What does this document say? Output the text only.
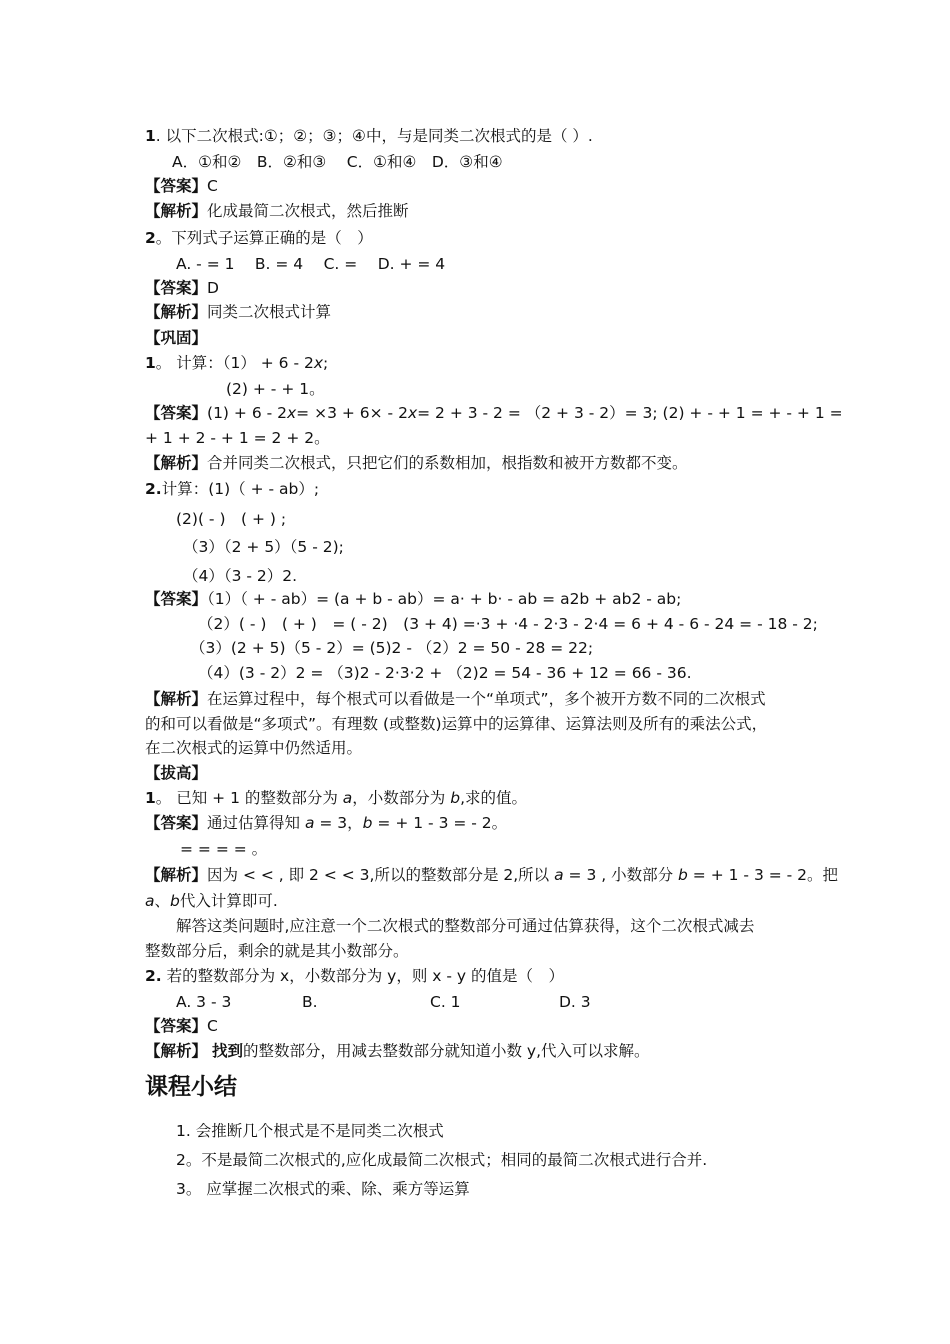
1. 以下二次根式:①；②；③；④中，与是同类二次根式的是（ ）.
A．①和②　B．②和③　 C．①和④　D．③和④
【答案】C
【解析】化成最简二次根式，然后推断
2。下列式子运算正确的是（　）
A. - = 1　 B. = 4　 C. =　 D. + = 4
【答案】D
【解析】同类二次根式计算
【巩固】
1。 计算：（1） + 6 - 2x;
(2) + - + 1。
【答案】(1) + 6 - 2x= ×3 + 6× - 2x= 2 + 3 - 2 = （2 + 3 - 2）= 3; (2) + - + 1 = + - + 1 =
+ 1 + 2 - + 1 = 2 + 2。
【解析】合并同类二次根式，只把它们的系数相加，根指数和被开方数都不变。
2.计算：(1)（ + - ab）;
(2)( - )　( + ) ;
（3）（2 + 5）（5 - 2);
（4）（3 - 2）2.
【答案】（1）（ + - ab）= (a + b - ab）= a· + b· - ab = a2b + ab2 - ab;
（2）( - )　( + )　= ( - 2)　(3 + 4) =·3 + ·4 - 2·3 - 2·4 = 6 + 4 - 6 - 24 = - 18 - 2;
（3）(2 + 5)（5 - 2）= (5)2 - （2）2 = 50 - 28 = 22;
（4）(3 - 2）2 = （3)2 - 2·3·2 + （2)2 = 54 - 36 + 12 = 66 - 36.
【解析】在运算过程中，每个根式可以看做是一个“单项式”，多个被开方数不同的二次根式
的和可以看做是“多项式”。有理数 (或整数)运算中的运算律、运算法则及所有的乘法公式，
在二次根式的运算中仍然适用。
【拔高】
1。 已知 + 1 的整数部分为 a，小数部分为 b,求的值。
【答案】通过估算得知 a = 3，b = + 1 - 3 = - 2。
= = = = 。
【解析】因为 < < , 即 2 < < 3,所以的整数部分是 2,所以 a = 3 , 小数部分 b = + 1 - 3 = - 2。把
a、b代入计算即可.
解答这类问题时,应注意一个二次根式的整数部分可通过估算获得，这个二次根式减去
整数部分后，剩余的就是其小数部分。
2. 若的整数部分为 x，小数部分为 y，则 x - y 的值是（　）
A. 3 - 3	B.	C. 1	D. 3
【答案】C
【解析】 找到的整数部分，用减去整数部分就知道小数 y,代入可以求解。
课程小结
1. 会推断几个根式是不是同类二次根式
2。不是最简二次根式的,应化成最简二次根式；相同的最简二次根式进行合并.
3。 应掌握二次根式的乘、除、乘方等运算
